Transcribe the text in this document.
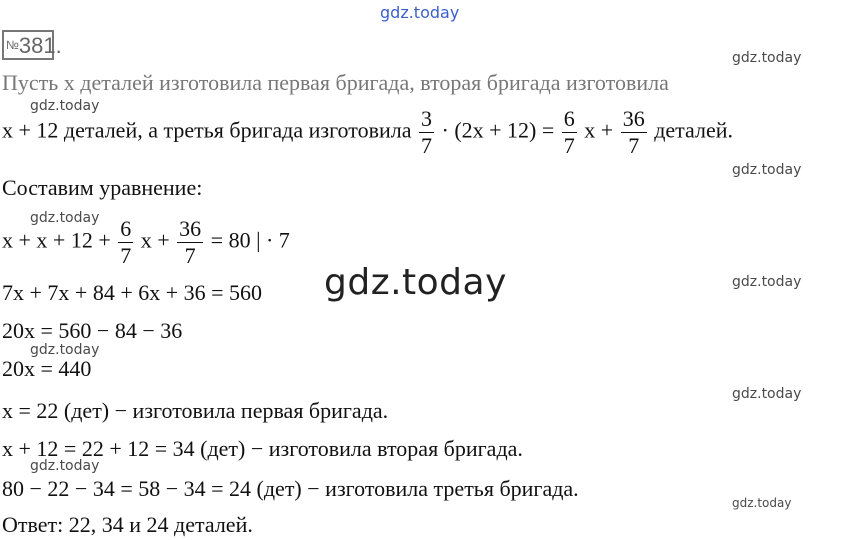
gdz.today
gdz.today
gdz.today
gdz.today
gdz.today
gdz.today
gdz.today
gdz.today
gdz.today
gdz.today
gdz.today
№381.
Пусть x деталей изготовила первая бригада, вторая бригада изготовила
x + 12 деталей, а третья бригада изготовила $\frac{3}{7} \cdot (2x + 12) = \frac{6}{7}$ $x + \frac{36}{7}$ деталей.
Составим уравнение:
$x + x + 12 + \frac{6}{7}$ $x + \frac{36}{7} = 80$ | · 7
7x + 7x + 84 + 6x + 36 = 560
20x = 560 − 84 − 36
20x = 440
x = 22 (дет) − изготовила первая бригада.
x + 12 = 22 + 12 = 34 (дет) − изготовила вторая бригада.
80 − 22 − 34 = 58 − 34 = 24 (дет) − изготовила третья бригада.
Ответ: 22, 34 и 24 деталей.
